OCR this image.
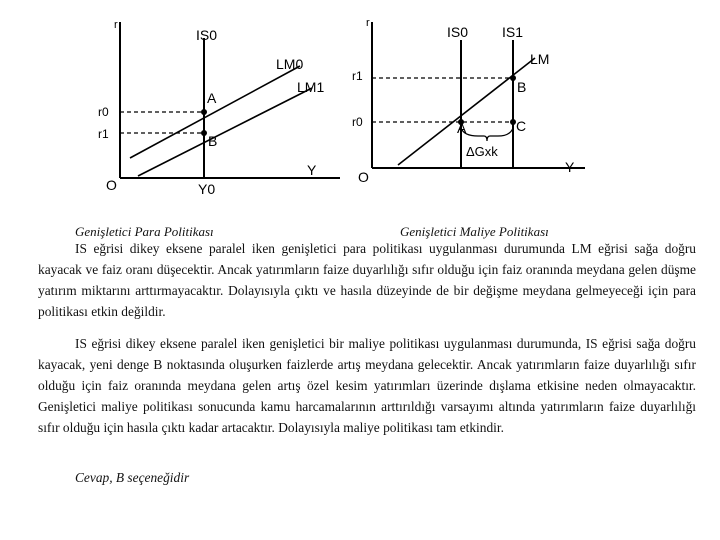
r
IS0
LM0
LM1
A
B
r0
r1
O	Y0
Y
r
IS0 IS1
LM
r1
r0	A
B
C
ΔGxk
O
Y
Genişletici Para Politikası	Genişletici Maliye Politikası

IS eğrisi dikey eksene paralel iken genişletici para politikası uygulanması durumunda LM eğrisi sağa doğru kayacak ve faiz oranı düşecektir. Ancak yatırımların faize duyarlılığı sıfır olduğu için faiz oranında meydana gelen düşme yatırım miktarını arttırmayacaktır. Dolayısıyla çıktı ve hasıla düzeyinde de bir değişme meydana gelmeyeceği için para politikası etkin değildir.

IS eğrisi dikey eksene paralel iken genişletici bir maliye politikası uygulanması durumunda, IS eğrisi sağa doğru kayacak, yeni denge B noktasında oluşurken faizlerde artış meydana gelecektir. Ancak yatırımların faize duyarlılığı sıfır olduğu için faiz oranında meydana gelen artış özel kesim yatırımları üzerinde dışlama etkisine neden olmayacaktır. Genişletici maliye politikası sonucunda kamu harcamalarının arttırıldığı varsayımı altında yatırımların faize duyarlılığı sıfır olduğu için hasıla çıktı kadar artacaktır. Dolayısıyla maliye politikası tam etkindir.

Cevap, B seçeneğidir
